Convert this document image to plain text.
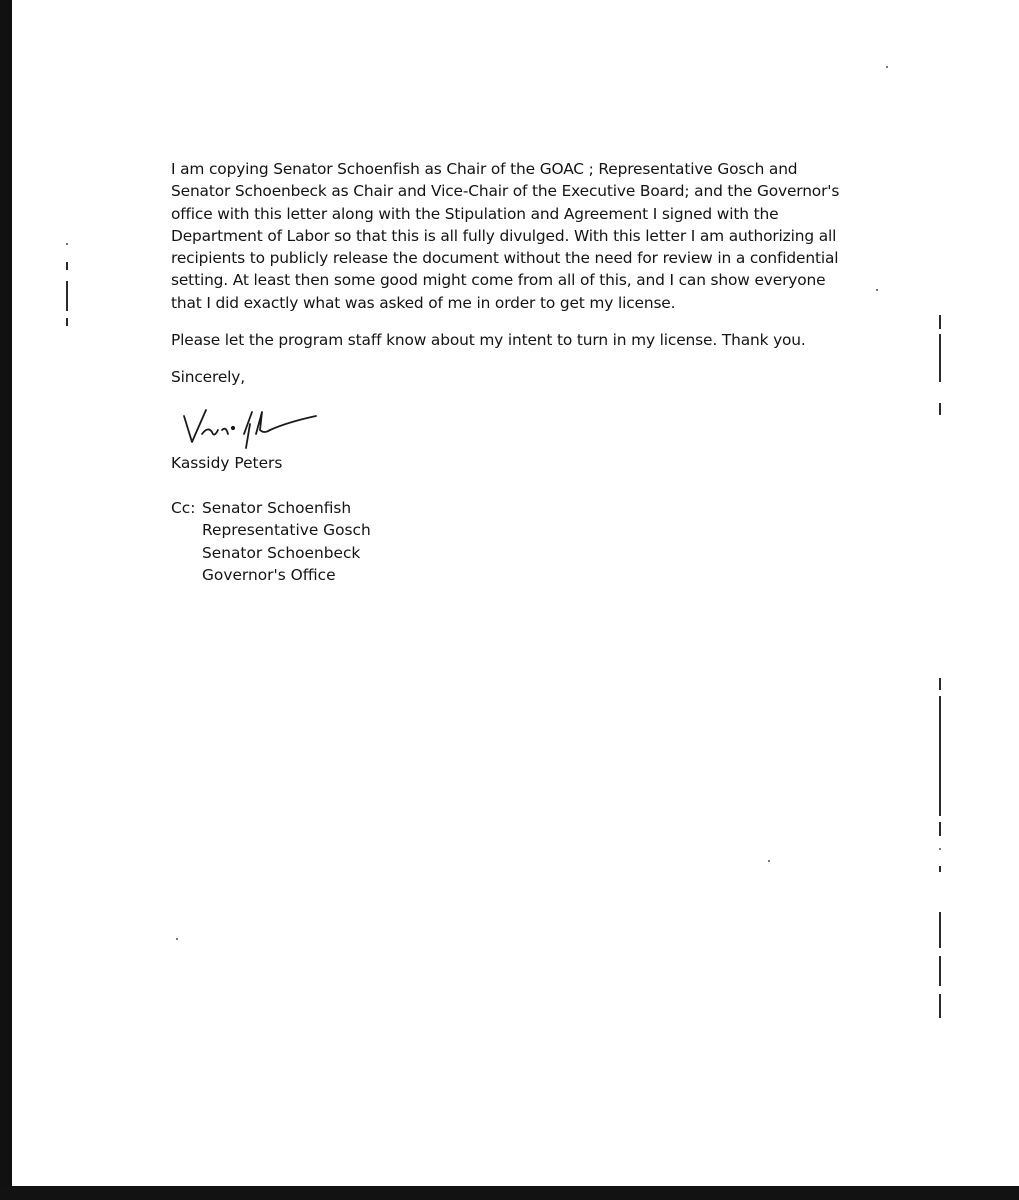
I am copying Senator Schoenfish as Chair of the GOAC ; Representative Gosch and
Senator Schoenbeck as Chair and Vice-Chair of the Executive Board; and the Governor's
office with this letter along with the Stipulation and Agreement I signed with the
Department of Labor so that this is all fully divulged. With this letter I am authorizing all
recipients to publicly release the document without the need for review in a confidential
setting. At least then some good might come from all of this, and I can show everyone
that I did exactly what was asked of me in order to get my license.

Please let the program staff know about my intent to turn in my license. Thank you.

Sincerely,

Kassidy Peters
Cc: Senator Schoenfish
Representative Gosch
Senator Schoenbeck
Governor's Office
